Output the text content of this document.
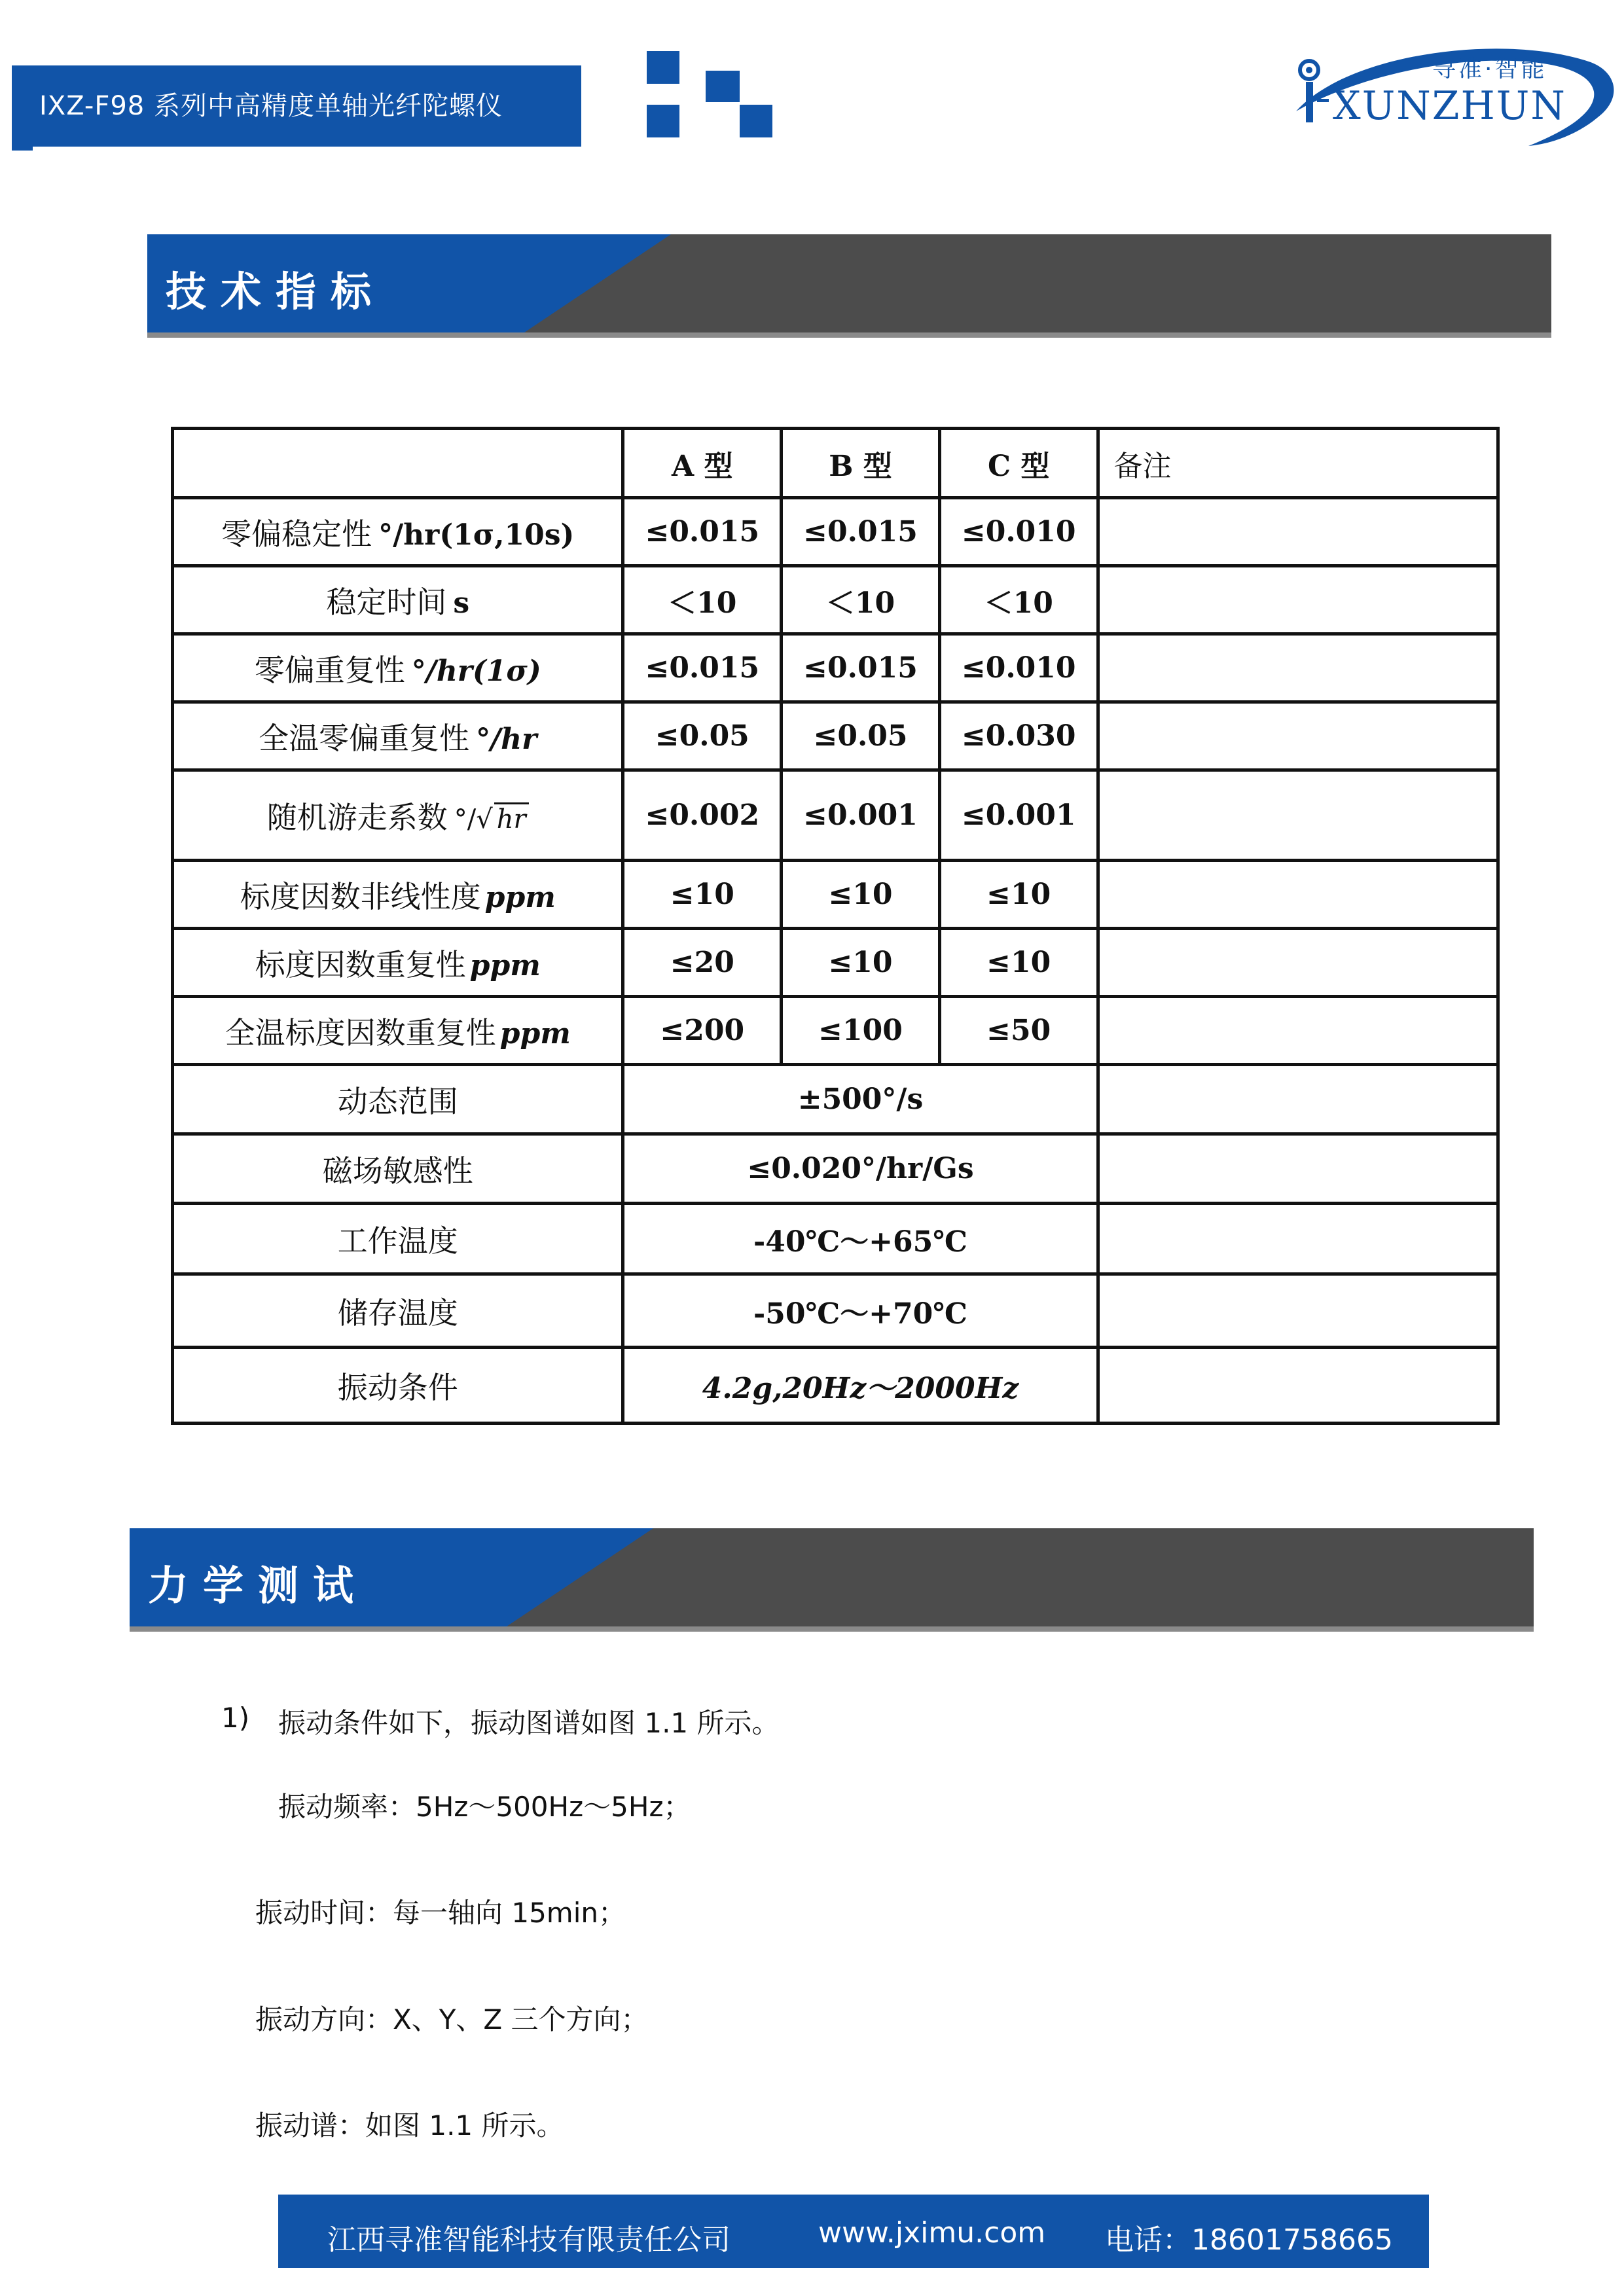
IXZ-F98 系列中高精度单轴光纤陀螺仪
寻准·智能
XUNZHUN
技术指标
	A 型	B 型	C 型	备注
零偏稳定性 °/hr(1σ,10s)	≤0.015	≤0.015	≤0.010	
稳定时间 s	＜10	＜10	＜10	
零偏重复性 °/hr(1σ)	≤0.015	≤0.015	≤0.010	
全温零偏重复性 °/hr	≤0.05	≤0.05	≤0.030	
随机游走系数 °/√ hr	≤0.002	≤0.001	≤0.001	
标度因数非线性度 ppm	≤10	≤10	≤10	
标度因数重复性 ppm	≤20	≤10	≤10	
全温标度因数重复性 ppm	≤200	≤100	≤50	
动态范围	±500°/s			
磁场敏感性	≤0.020°/hr/Gs			
工作温度	-40℃～+65℃			
储存温度	-50℃～+70℃			
振动条件	4.2g,20Hz～2000Hz			
力学测试
1) 振动条件如下，振动图谱如图 1.1 所示。
振动频率：5Hz～500Hz～5Hz；
振动时间：每一轴向 15min；
振动方向：X、Y、Z 三个方向；
振动谱：如图 1.1 所示。
江西寻准智能科技有限责任公司	www.jximu.com 电话：18601758665
